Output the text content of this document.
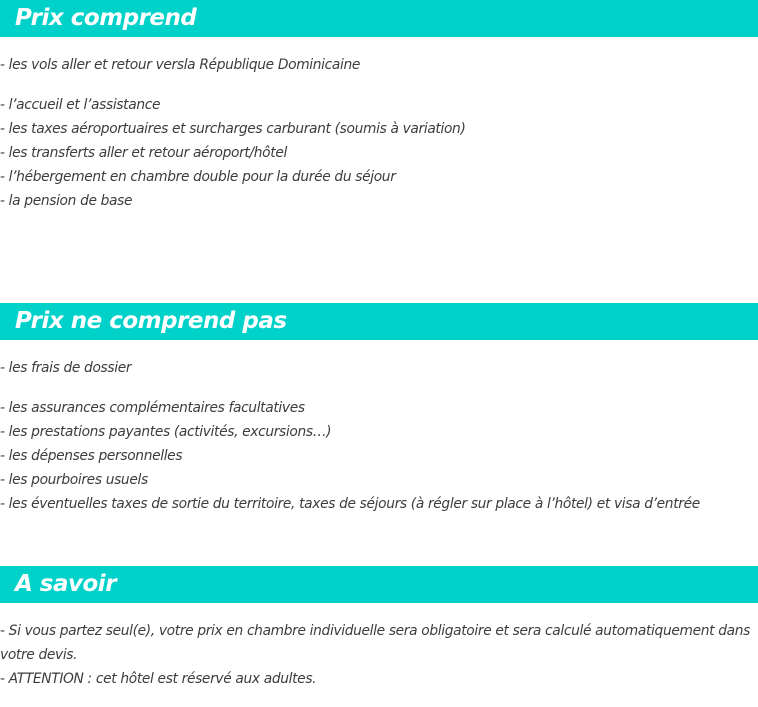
Prix comprend
- les vols aller et retour versla République Dominicaine
- l’accueil et l’assistance
- les taxes aéroportuaires et surcharges carburant (soumis à variation)
- les transferts aller et retour aéroport/hôtel
- l’hébergement en chambre double pour la durée du séjour
- la pension de base
Prix ne comprend pas
- les frais de dossier
- les assurances complémentaires facultatives
- les prestations payantes (activités, excursions…)
- les dépenses personnelles
- les pourboires usuels
- les éventuelles taxes de sortie du territoire, taxes de séjours (à régler sur place à l’hôtel) et visa d’entrée
A savoir
- Si vous partez seul(e), votre prix en chambre individuelle sera obligatoire et sera calculé automatiquement dans votre devis.
- ATTENTION : cet hôtel est réservé aux adultes.
